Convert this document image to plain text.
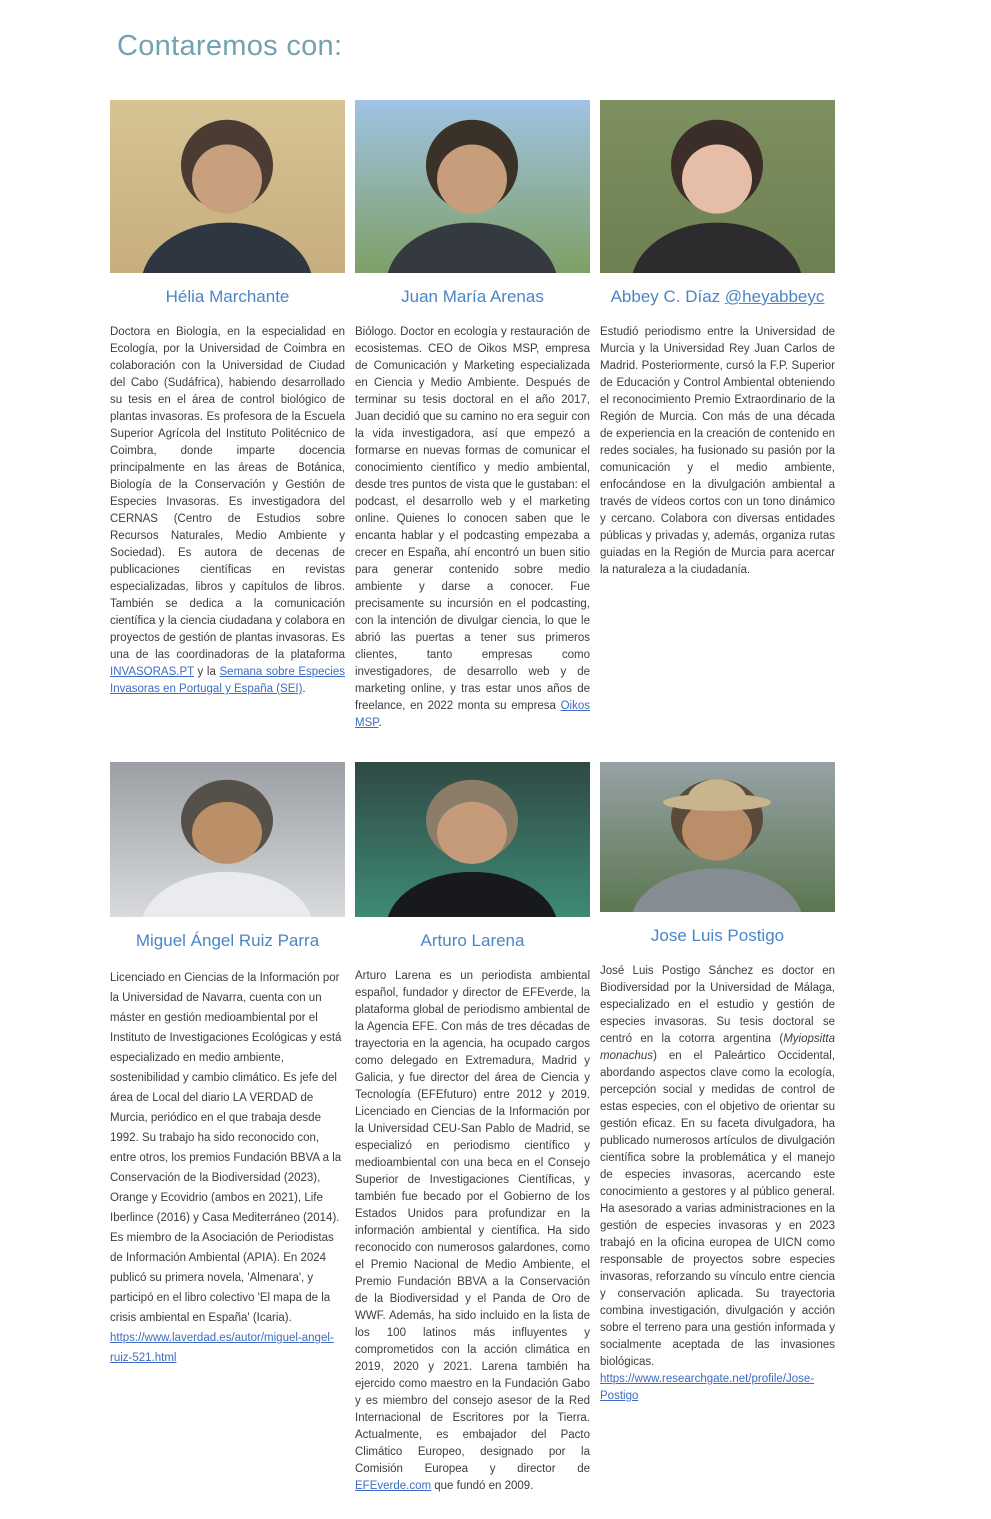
Contaremos con:
Hélia Marchante

Doctora en Biología, en la especialidad en Ecología, por la Universidad de Coimbra en colaboración con la Universidad de Ciudad del Cabo (Sudáfrica), habiendo desarrollado su tesis en el área de control biológico de plantas invasoras. Es profesora de la Escuela Superior Agrícola del Instituto Politécnico de Coimbra, donde imparte docencia principalmente en las áreas de Botánica, Biología de la Conservación y Gestión de Especies Invasoras. Es investigadora del CERNAS (Centro de Estudios sobre Recursos Naturales, Medio Ambiente y Sociedad). Es autora de decenas de publicaciones científicas en revistas especializadas, libros y capítulos de libros. También se dedica a la comunicación científica y la ciencia ciudadana y colabora en proyectos de gestión de plantas invasoras. Es una de las coordinadoras de la plataforma INVASORAS.PT y la Semana sobre Especies Invasoras en Portugal y España (SEI).

Juan María Arenas

Biólogo. Doctor en ecología y restauración de ecosistemas. CEO de Oikos MSP, empresa de Comunicación y Marketing especializada en Ciencia y Medio Ambiente. Después de terminar su tesis doctoral en el año 2017, Juan decidió que su camino no era seguir con la vida investigadora, así que empezó a formarse en nuevas formas de comunicar el conocimiento científico y medio ambiental, desde tres puntos de vista que le gustaban: el podcast, el desarrollo web y el marketing online. Quienes lo conocen saben que le encanta hablar y el podcasting empezaba a crecer en España, ahí encontró un buen sitio para generar contenido sobre medio ambiente y darse a conocer. Fue precisamente su incursión en el podcasting, con la intención de divulgar ciencia, lo que le abrió las puertas a tener sus primeros clientes, tanto empresas como investigadores, de desarrollo web y de marketing online, y tras estar unos años de freelance, en 2022 monta su empresa Oikos MSP.

Abbey C. Díaz @heyabbeyc

Estudió periodismo entre la Universidad de Murcia y la Universidad Rey Juan Carlos de Madrid. Posteriormente, cursó la F.P. Superior de Educación y Control Ambiental obteniendo el reconocimiento Premio Extraordinario de la Región de Murcia. Con más de una década de experiencia en la creación de contenido en redes sociales, ha fusionado su pasión por la comunicación y el medio ambiente, enfocándose en la divulgación ambiental a través de vídeos cortos con un tono dinámico y cercano. Colabora con diversas entidades públicas y privadas y, además, organiza rutas guiadas en la Región de Murcia para acercar la naturaleza a la ciudadanía.

Miguel Ángel Ruiz Parra

Licenciado en Ciencias de la Información por la Universidad de Navarra, cuenta con un máster en gestión medioambiental por el Instituto de Investigaciones Ecológicas y está especializado en medio ambiente, sostenibilidad y cambio climático. Es jefe del área de Local del diario LA VERDAD de Murcia, periódico en el que trabaja desde 1992. Su trabajo ha sido reconocido con, entre otros, los premios Fundación BBVA a la Conservación de la Biodiversidad (2023), Orange y Ecovidrio (ambos en 2021), Life Iberlince (2016) y Casa Mediterráneo (2014). Es miembro de la Asociación de Periodistas de Información Ambiental (APIA). En 2024 publicó su primera novela, 'Almenara', y participó en el libro colectivo 'El mapa de la crisis ambiental en España' (Icaria). https://www.laverdad.es/autor/miguel-angel-ruiz-521.html

Arturo Larena

Arturo Larena es un periodista ambiental español, fundador y director de EFEverde, la plataforma global de periodismo ambiental de la Agencia EFE. Con más de tres décadas de trayectoria en la agencia, ha ocupado cargos como delegado en Extremadura, Madrid y Galicia, y fue director del área de Ciencia y Tecnología (EFEfuturo) entre 2012 y 2019. Licenciado en Ciencias de la Información por la Universidad CEU-San Pablo de Madrid, se especializó en periodismo científico y medioambiental con una beca en el Consejo Superior de Investigaciones Científicas, y también fue becado por el Gobierno de los Estados Unidos para profundizar en la información ambiental y científica. Ha sido reconocido con numerosos galardones, como el Premio Nacional de Medio Ambiente, el Premio Fundación BBVA a la Conservación de la Biodiversidad y el Panda de Oro de WWF. Además, ha sido incluido en la lista de los 100 latinos más influyentes y comprometidos con la acción climática en 2019, 2020 y 2021. Larena también ha ejercido como maestro en la Fundación Gabo y es miembro del consejo asesor de la Red Internacional de Escritores por la Tierra. Actualmente, es embajador del Pacto Climático Europeo, designado por la Comisión Europea y director de EFEverde.com que fundó en 2009.

Jose Luis Postigo

José Luis Postigo Sánchez es doctor en Biodiversidad por la Universidad de Málaga, especializado en el estudio y gestión de especies invasoras. Su tesis doctoral se centró en la cotorra argentina (Myiopsitta monachus) en el Paleártico Occidental, abordando aspectos clave como la ecología, percepción social y medidas de control de estas especies, con el objetivo de orientar su gestión eficaz. En su faceta divulgadora, ha publicado numerosos artículos de divulgación científica sobre la problemática y el manejo de especies invasoras, acercando este conocimiento a gestores y al público general. Ha asesorado a varias administraciones en la gestión de especies invasoras y en 2023 trabajó en la oficina europea de UICN como responsable de proyectos sobre especies invasoras, reforzando su vínculo entre ciencia y conservación aplicada. Su trayectoria combina investigación, divulgación y acción sobre el terreno para una gestión informada y socialmente aceptada de las invasiones biológicas. https://www.researchgate.net/profile/Jose-Postigo
